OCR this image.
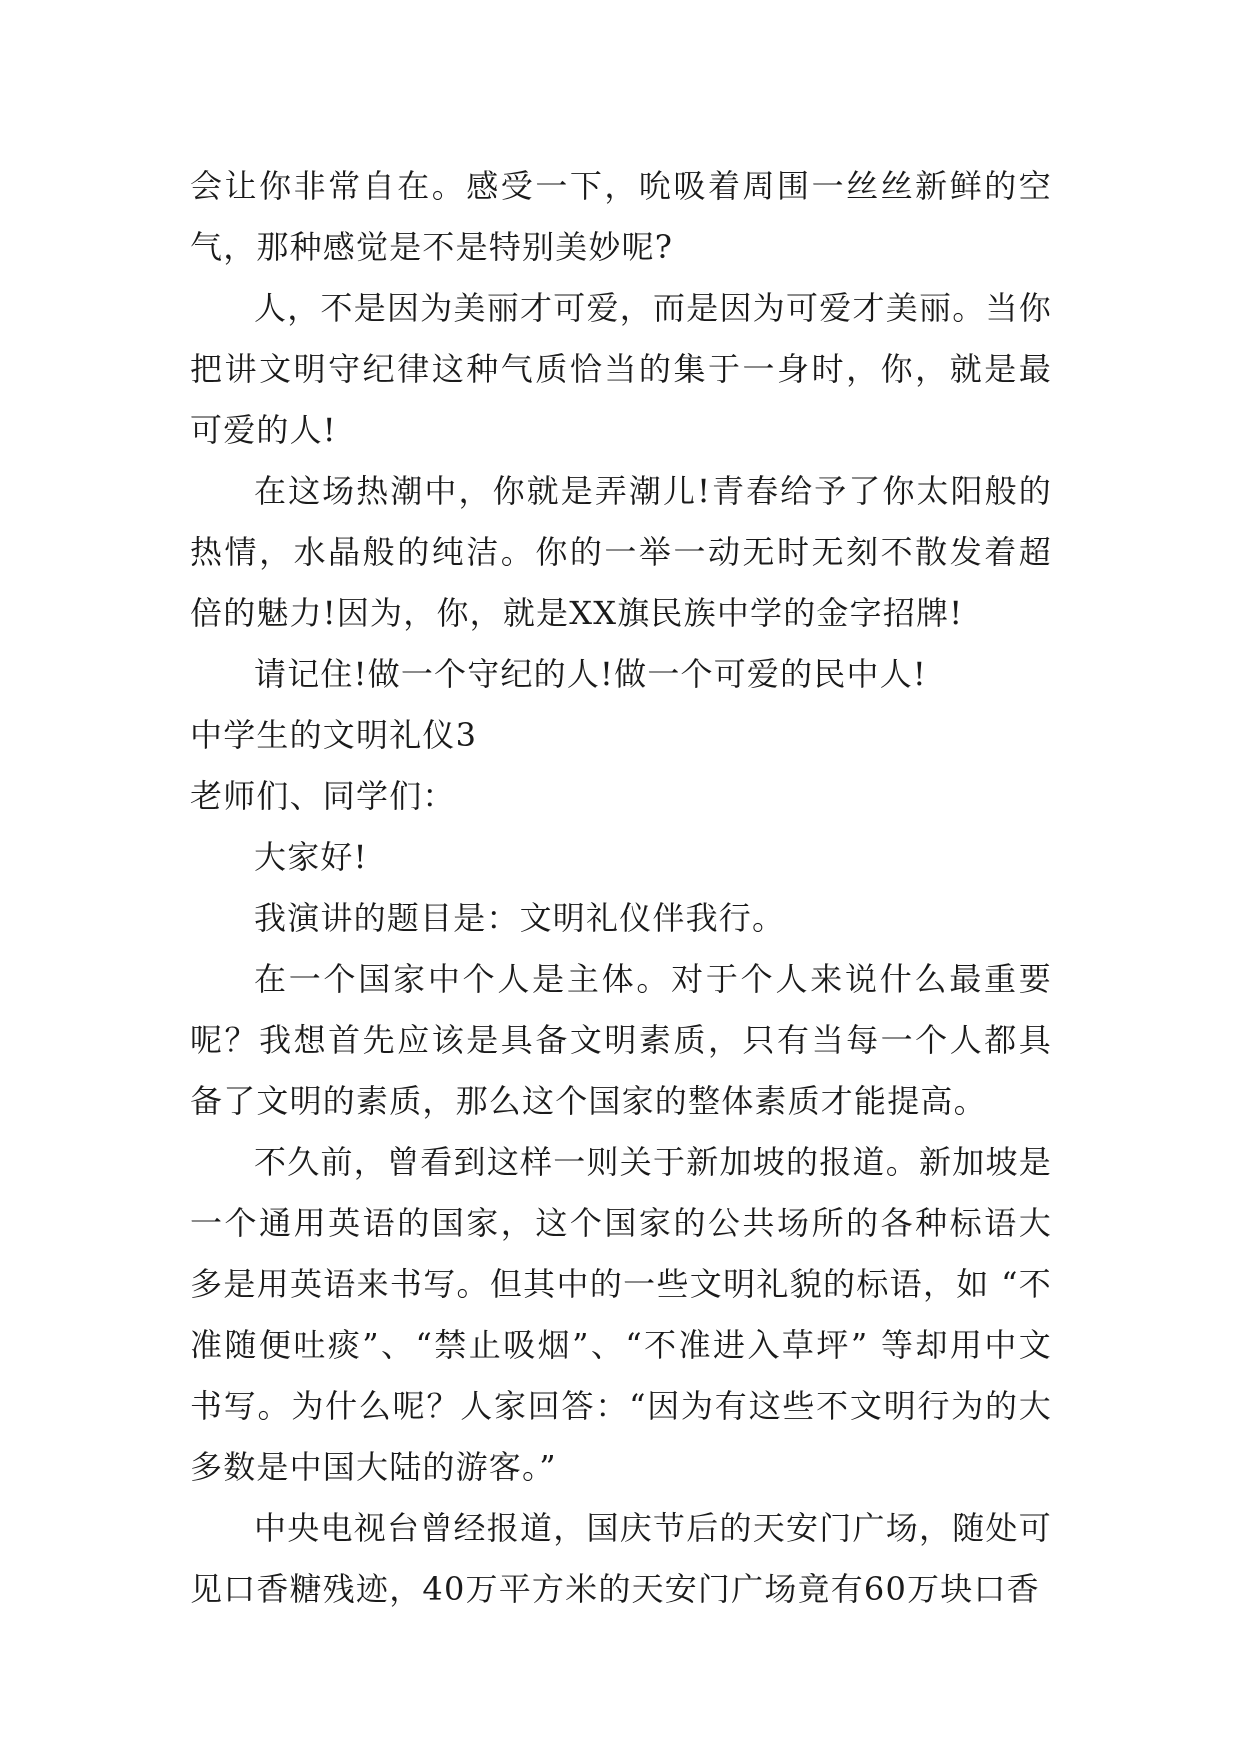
会让你非常自在。感受一下，吮吸着周围一丝丝新鲜的空气，那种感觉是不是特别美妙呢?

人，不是因为美丽才可爱，而是因为可爱才美丽。当你把讲文明守纪律这种气质恰当的集于一身时，你，就是最可爱的人!

在这场热潮中，你就是弄潮儿!青春给予了你太阳般的热情，水晶般的纯洁。你的一举一动无时无刻不散发着超倍的魅力!因为，你，就是XX旗民族中学的金字招牌!

请记住!做一个守纪的人!做一个可爱的民中人!

中学生的文明礼仪3

老师们、同学们：

大家好!

我演讲的题目是：文明礼仪伴我行。

在一个国家中个人是主体。对于个人来说什么最重要呢？我想首先应该是具备文明素质，只有当每一个人都具备了文明的素质，那么这个国家的整体素质才能提高。

不久前，曾看到这样一则关于新加坡的报道。新加坡是一个通用英语的国家，这个国家的公共场所的各种标语大多是用英语来书写。但其中的一些文明礼貌的标语，如 “不准随便吐痰”、“禁止吸烟”、“不准进入草坪” 等却用中文书写。为什么呢？人家回答：“因为有这些不文明行为的大多数是中国大陆的游客。”

中央电视台曾经报道，国庆节后的天安门广场，随处可见口香糖残迹，40万平方米的天安门广场竟有60万块口香
